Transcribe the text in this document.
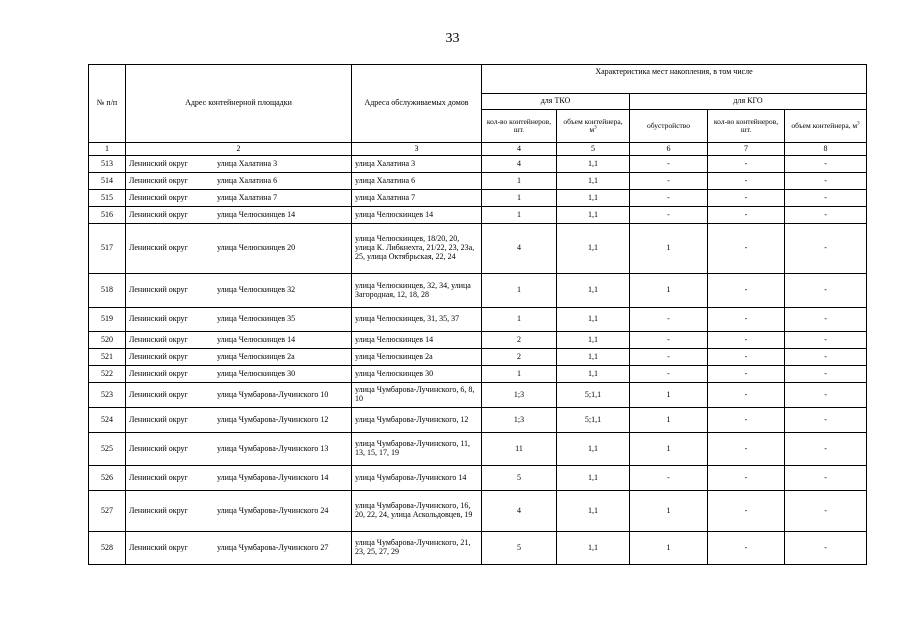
33
№ п/п	Адрес контейнерной площадки	Адреса обслуживаемых домов	Характеристика мест накопления, в том числе				
			для ТКО		для КГО		
			кол-во контейнеров, шт.	объем контейнера, $м^3$	обустройство	кол-во контейнеров, шт.	объем контейнера, $м^3$
1	2	3	4	5	6	7	8
513	Ленинский округ улица Халатина 3	улица Халатина 3	4	1,1	-	-	-
514	Ленинский округ улица Халатина 6	улица Халатина 6	1	1,1	-	-	-
515	Ленинский округ улица Халатина 7	улица Халатина 7	1	1,1	-	-	-
516	Ленинский округ улица Челюскинцев 14	улица Челюскинцев 14	1	1,1	-	-	-
517	Ленинский округ улица Челюскинцев 20	улица Челюскинцев, 18/20, 20, улица К. Либкнехта, 21/22, 23, 23а, 25, улица Октябрьская, 22, 24	4	1,1	1	-	-
518	Ленинский округ улица Челюскинцев 32	улица Челюскинцев, 32, 34, улица Загородная, 12, 18, 28	1	1,1	1	-	-
519	Ленинский округ улица Челюскинцев 35	улица Челюскинцев, 31, 35, 37	1	1,1	-	-	-
520	Ленинский округ улица Челюскинцев 14	улица Челюскинцев 14	2	1,1	-	-	-
521	Ленинский округ улица Челюскинцев 2а	улица Челюскинцев 2а	2	1,1	-	-	-
522	Ленинский округ улица Челюскинцев 30	улица Челюскинцев 30	1	1,1	-	-	-
523	Ленинский округ улица Чумбарова-Лучинского 10	улица Чумбарова-Лучинского, 6, 8, 10	1;3	5;1,1	1	-	-
524	Ленинский округ улица Чумбарова-Лучинского 12	улица Чумбарова-Лучинского, 12	1;3	5;1,1	1	-	-
525	Ленинский округ улица Чумбарова-Лучинского 13	улица Чумбарова-Лучинского, 11, 13, 15, 17, 19	11	1,1	1	-	-
526	Ленинский округ улица Чумбарова-Лучинского 14	улица Чумбарова-Лучинского 14	5	1,1	-	-	-
527	Ленинский округ улица Чумбарова-Лучинского 24	улица Чумбарова-Лучинского, 16, 20, 22, 24, улица Аскольдовцев, 19	4	1,1	1	-	-
528	Ленинский округ улица Чумбарова-Лучинского 27	улица Чумбарова-Лучинского, 21, 23, 25, 27, 29	5	1,1	1	-	-
